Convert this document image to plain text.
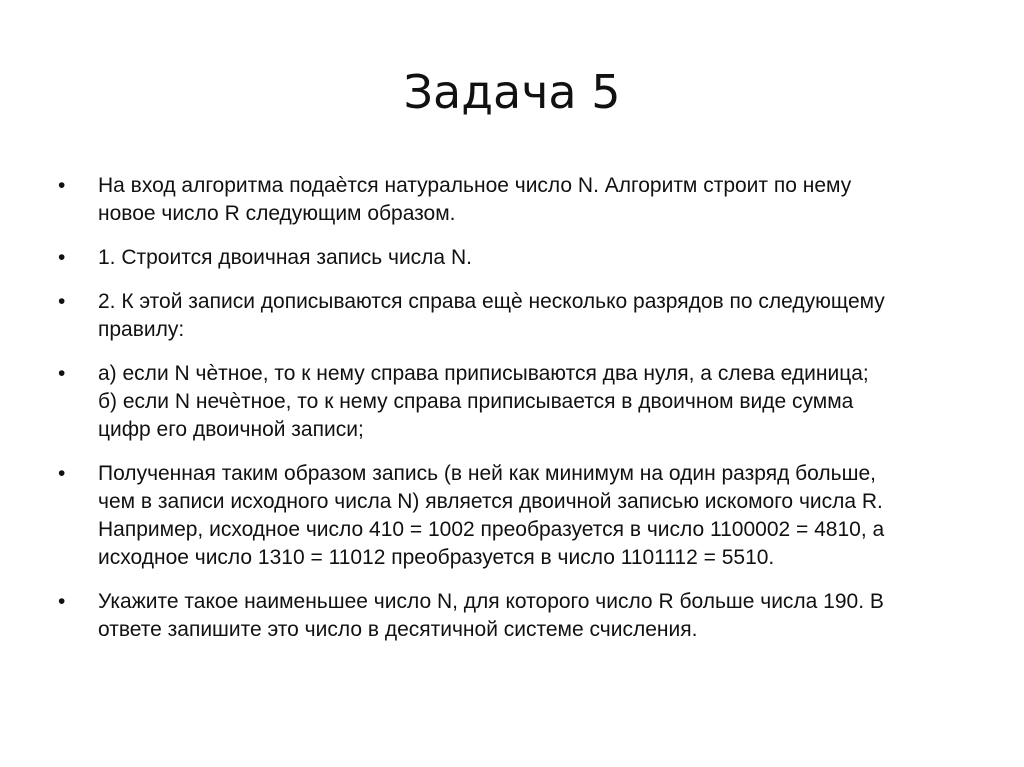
Задача 5
•	На вход алгоритма подаѐтся натуральное число N. Алгоритм строит по нему
новое число R следующим образом.
•	1. Строится двоичная запись числа N.
•	2. К этой записи дописываются справа ещѐ несколько разрядов по следующему
правилу:
•	а) если N чѐтное, то к нему справа приписываются два нуля, а слева единица;
б) если N нечѐтное, то к нему справа приписывается в двоичном виде сумма
цифр его двоичной записи;
•	Полученная таким образом запись (в ней как минимум на один разряд больше,
чем в записи исходного числа N) является двоичной записью искомого числа R.
Например, исходное число 410 = 1002 преобразуется в число 1100002 = 4810, а
исходное число 1310 = 11012 преобразуется в число 1101112 = 5510.
•	Укажите такое наименьшее число N, для которого число R больше числа 190. В
ответе запишите это число в десятичной системе счисления.
